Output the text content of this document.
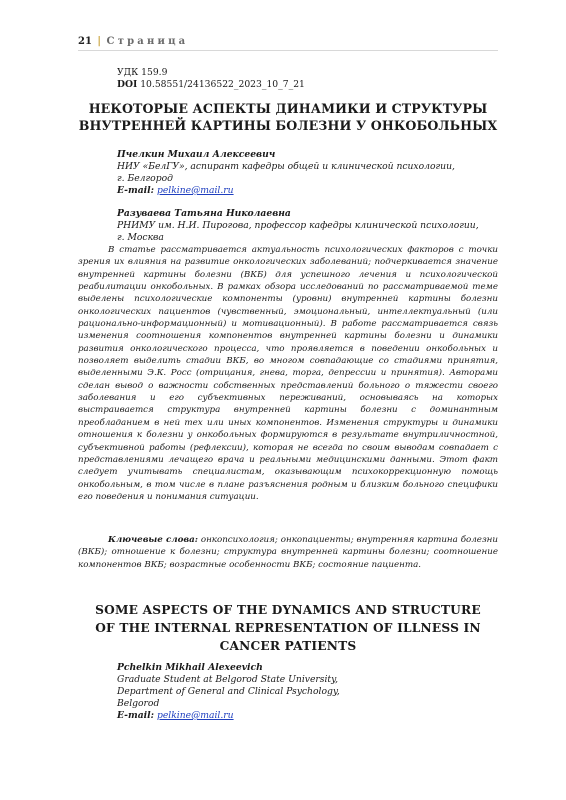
21 | Страница
УДК 159.9
DOI 10.58551/24136522_2023_10_7_21
НЕКОТОРЫЕ АСПЕКТЫ ДИНАМИКИ И СТРУКТУРЫ
ВНУТРЕННЕЙ КАРТИНЫ БОЛЕЗНИ У ОНКОБОЛЬНЫХ
Пчелкин Михаил Алексеевич
НИУ «БелГУ», аспирант кафедры общей и клинической психологии,
г. Белгород
E-mail: pelkine@mail.ru
Разуваева Татьяна Николаевна
РНИМУ им. Н.И. Пирогова, профессор кафедры клинической психологии,
г. Москва
В статье рассматривается актуальность психологических факторов с точки зрения их влияния на развитие онкологических заболеваний; подчеркивается значение внутренней картины болезни (ВКБ) для успешного лечения и психологической реабилитации онкобольных. В рамках обзора исследований по рассматриваемой теме выделены психологические компоненты (уровни) внутренней картины болезни онкологических пациентов (чувственный, эмоциональный, интеллектуальный (или рационально-информационный) и мотивационный). В работе рассматривается связь изменения соотношения компонентов внутренней картины болезни и динамики развития онкологического процесса, что проявляется в поведении онкобольных и позволяет выделить стадии ВКБ, во многом совпадающие со стадиями принятия, выделенными Э.К. Росс (отрицания, гнева, торга, депрессии и принятия). Авторами сделан вывод о важности собственных представлений больного о тяжести своего заболевания и его субъективных переживаний, основываясь на которых выстраивается структура внутренней картины болезни с доминантным преобладанием в ней тех или иных компонентов. Изменения структуры и динамики отношения к болезни у онкобольных формируются в результате внутриличностной, субъективной работы (рефлексии), которая не всегда по своим выводам совпадает с представлениями лечащего врача и реальными медицинскими данными. Этот факт следует учитывать специалистам, оказывающим психокоррекционную помощь онкобольным, в том числе в плане разъяснения родным и близким больного специфики его поведения и понимания ситуации.
Ключевые слова: онкопсихология; онкопациенты; внутренняя картина болезни (ВКБ); отношение к болезни; структура внутренней картины болезни; соотношение компонентов ВКБ; возрастные особенности ВКБ; состояние пациента.
SOME ASPECTS OF THE DYNAMICS AND STRUCTURE
OF THE INTERNAL REPRESENTATION OF ILLNESS IN
CANCER PATIENTS
Pchelkin Mikhail Alexeevich
Graduate Student at Belgorod State University,
Department of General and Clinical Psychology,
Belgorod
E-mail: pelkine@mail.ru
